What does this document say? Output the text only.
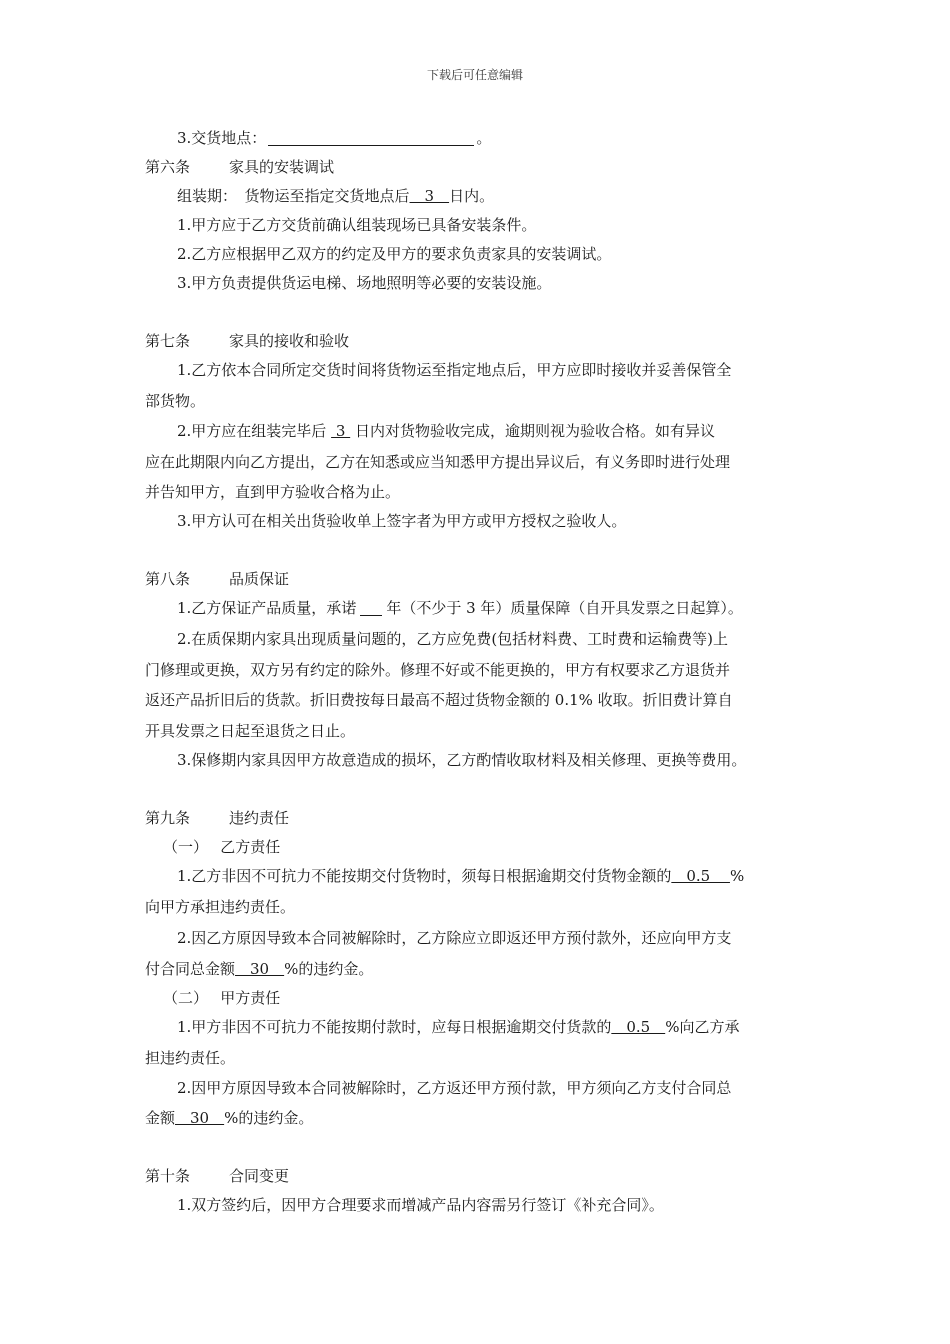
下载后可任意编辑
3.交货地点：	。
第六条	家具的安装调试
组装期：　货物运至指定交货地点后　3　日内。
1.甲方应于乙方交货前确认组装现场已具备安装条件。
2.乙方应根据甲乙双方的约定及甲方的要求负责家具的安装调试。
3.甲方负责提供货运电梯、场地照明等必要的安装设施。
第七条	家具的接收和验收
1.乙方依本合同所定交货时间将货物运至指定地点后，甲方应即时接收并妥善保管全
部货物。
2.甲方应在组装完毕后  3  日内对货物验收完成，逾期则视为验收合格。如有异议
应在此期限内向乙方提出，乙方在知悉或应当知悉甲方提出异议后，有义务即时进行处理
并告知甲方，直到甲方验收合格为止。
3.甲方认可在相关出货验收单上签字者为甲方或甲方授权之验收人。
第八条	品质保证
1.乙方保证产品质量，承诺 年（不少于 3 年）质量保障（自开具发票之日起算）。
2.在质保期内家具出现质量问题的，乙方应免费(包括材料费、工时费和运输费等)上
门修理或更换，双方另有约定的除外。修理不好或不能更换的，甲方有权要求乙方退货并
返还产品折旧后的货款。折旧费按每日最高不超过货物金额的 0.1% 收取。折旧费计算自
开具发票之日起至退货之日止。
3.保修期内家具因甲方故意造成的损坏，乙方酌情收取材料及相关修理、更换等费用。
第九条	违约责任
（一）　 乙方责任
1.乙方非因不可抗力不能按期交付货物时，须每日根据逾期交付货物金额的　0.5　 %
向甲方承担违约责任。
2.因乙方原因导致本合同被解除时，乙方除应立即返还甲方预付款外，还应向甲方支
付合同总金额　30　%的违约金。
（二）　 甲方责任
1.甲方非因不可抗力不能按期付款时，应每日根据逾期交付货款的　0.5　%向乙方承
担违约责任。
2.因甲方原因导致本合同被解除时，乙方返还甲方预付款，甲方须向乙方支付合同总
金额　30　%的违约金。
第十条	合同变更
1.双方签约后，因甲方合理要求而增减产品内容需另行签订《补充合同》。
